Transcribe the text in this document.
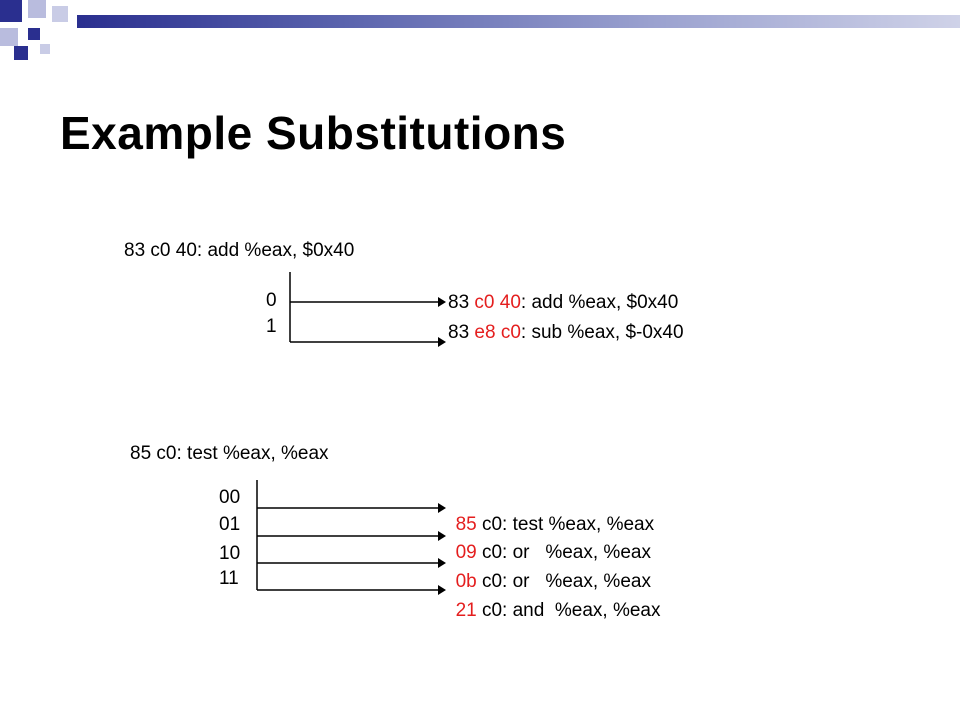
Example Substitutions
83 c0 40: add %eax, $0x40
0
1
83 c0 40: add %eax, $0x40
83 e8 c0: sub %eax, $-0x40
85 c0: test %eax, %eax
00
01
10
11

85 c0: test %eax, %eax

09 c0: or   %eax, %eax

0b c0: or   %eax, %eax

21 c0: and  %eax, %eax
